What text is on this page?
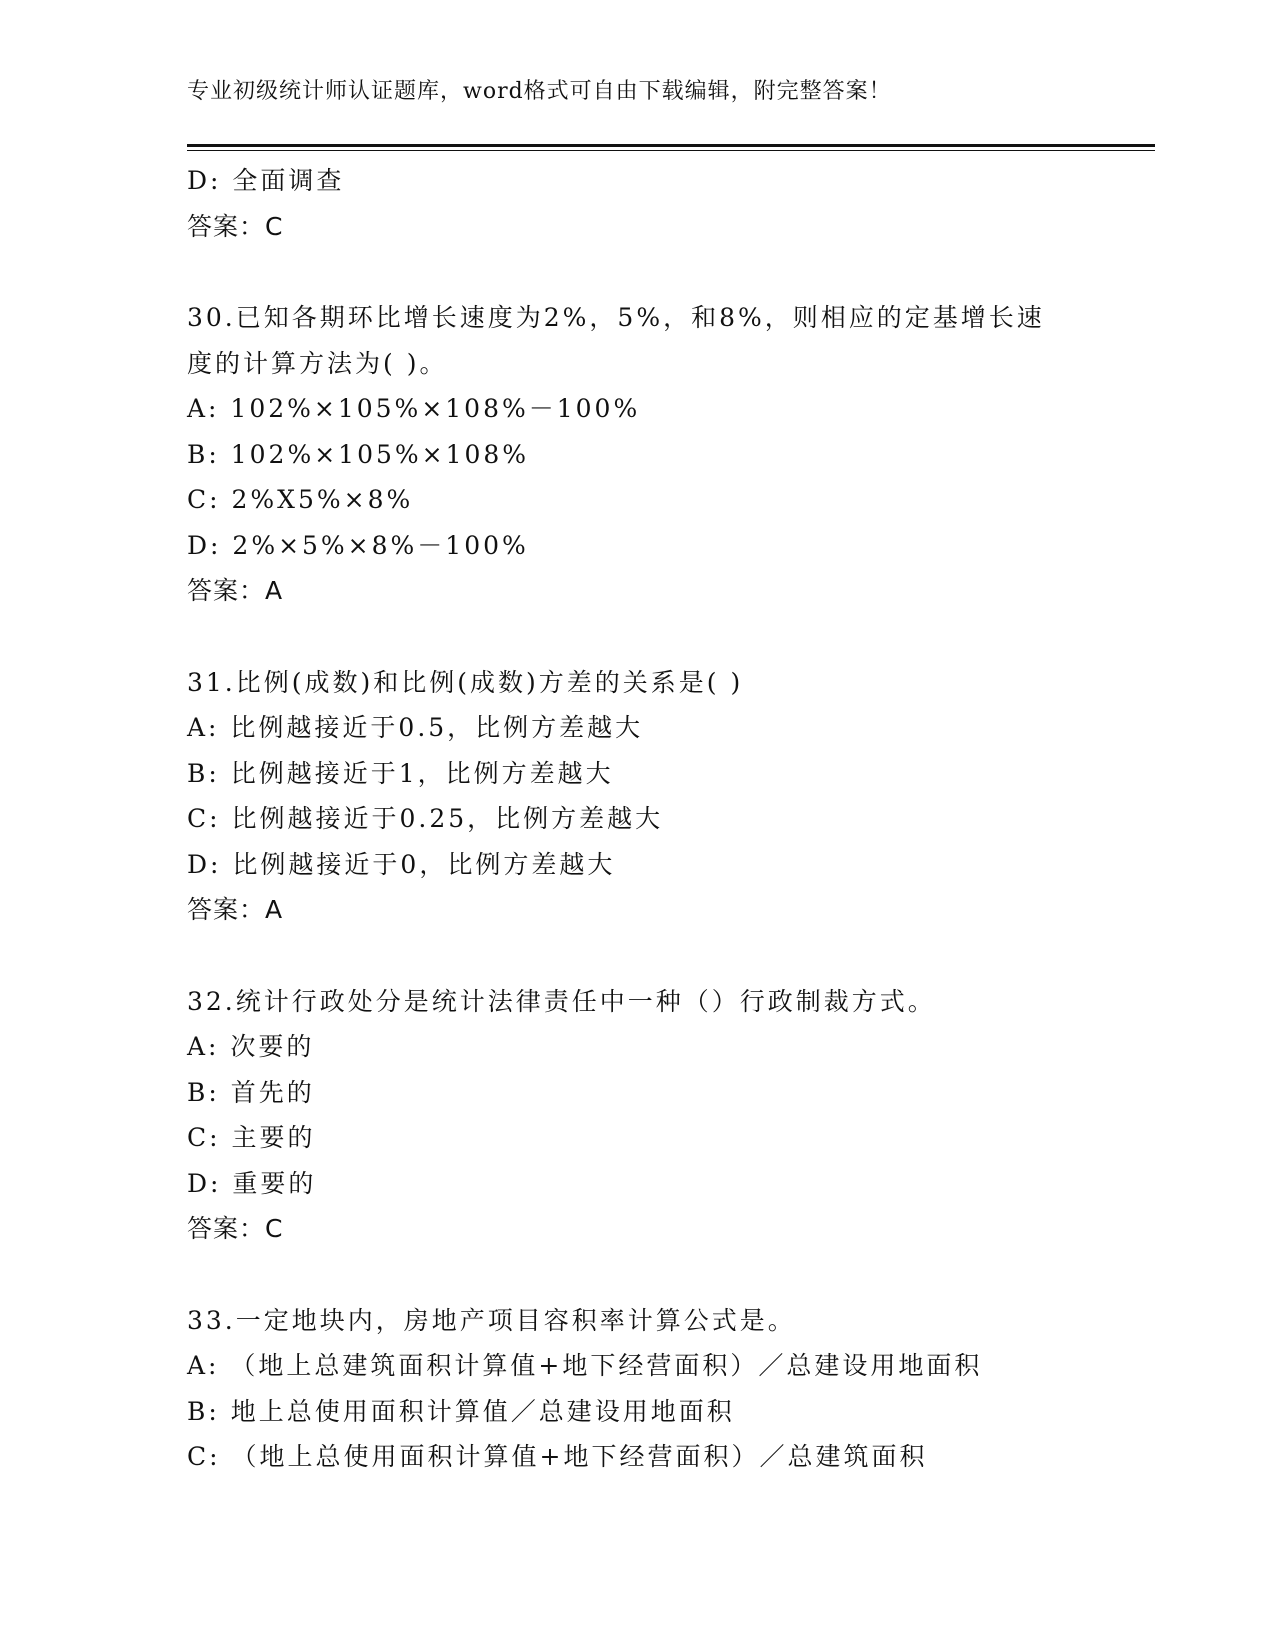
专业初级统计师认证题库，word格式可自由下载编辑，附完整答案！
D: 全面调查
答案：C
30.已知各期环比增长速度为2%，5%，和8%，则相应的定基增长速
度的计算方法为( )。
A: 102%×105%×108%－100%
B: 102%×105%×108%
C: 2%X5%×8%
D: 2%×5%×8%－100%
答案：A
31.比例(成数)和比例(成数)方差的关系是( )
A: 比例越接近于0.5，比例方差越大
B: 比例越接近于1，比例方差越大
C: 比例越接近于0.25，比例方差越大
D: 比例越接近于0，比例方差越大
答案：A
32.统计行政处分是统计法律责任中一种（）行政制裁方式。
A: 次要的
B: 首先的
C: 主要的
D: 重要的
答案：C
33.一定地块内，房地产项目容积率计算公式是。
A: （地上总建筑面积计算值+地下经营面积）／总建设用地面积
B: 地上总使用面积计算值／总建设用地面积
C: （地上总使用面积计算值+地下经营面积）／总建筑面积
